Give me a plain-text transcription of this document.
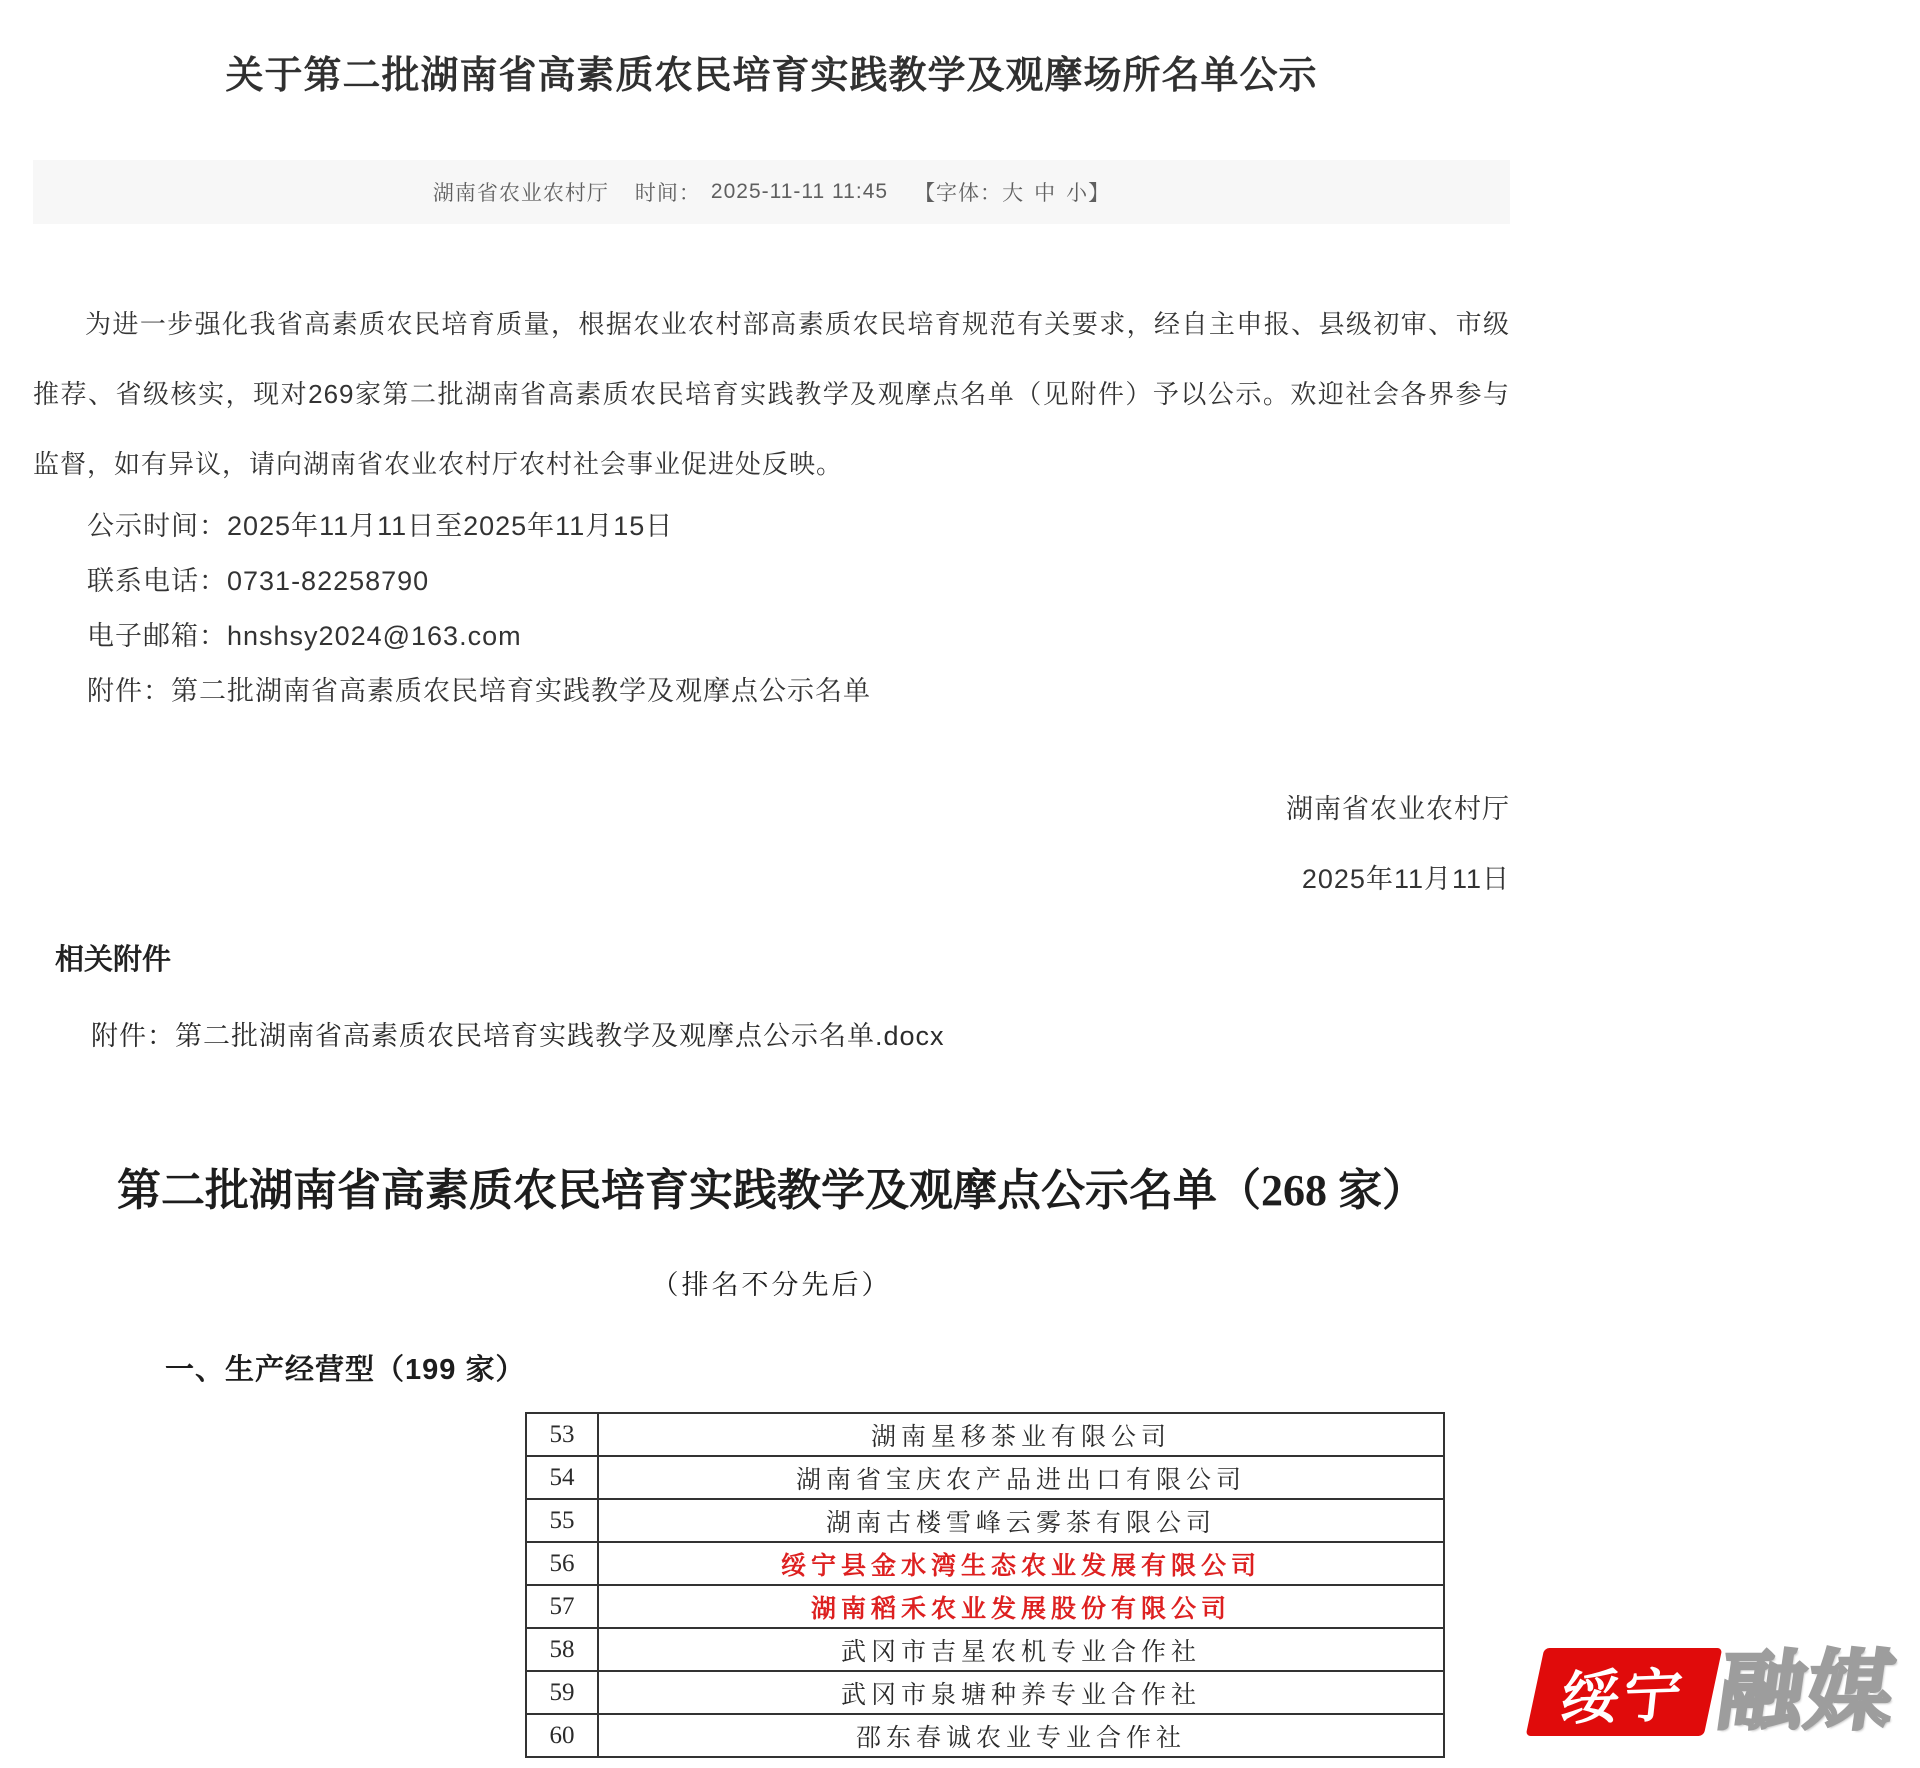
关于第二批湖南省高素质农民培育实践教学及观摩场所名单公示
湖南省农业农村厅 时间： 2025-11-11 11:45 【字体： 大 中 小 】

为进一步强化我省高素质农民培育质量，根据农业农村部高素质农民培育规范有关要求，经自主申报、县级初审、市级推荐、省级核实，现对269家第二批湖南省高素质农民培育实践教学及观摩点名单（见附件）予以公示。欢迎社会各界参与监督，如有异议，请向湖南省农业农村厅农村社会事业促进处反映。

公示时间：2025年11月11日至2025年11月15日

联系电话：0731-82258790

电子邮箱：hnshsy2024@163.com

附件：第二批湖南省高素质农民培育实践教学及观摩点公示名单

湖南省农业农村厅
2025年11月11日
相关附件

附件：第二批湖南省高素质农民培育实践教学及观摩点公示名单.docx

第二批湖南省高素质农民培育实践教学及观摩点公示名单（268 家）
（排名不分先后）
一、生产经营型（199 家）
53	湖南星移茶业有限公司
54	湖南省宝庆农产品进出口有限公司
55	湖南古楼雪峰云雾茶有限公司
56	绥宁县金水湾生态农业发展有限公司
57	湖南稻禾农业发展股份有限公司
58	武冈市吉星农机专业合作社
59	武冈市泉塘种养专业合作社
60	邵东春诚农业专业合作社
绥宁 融媒
